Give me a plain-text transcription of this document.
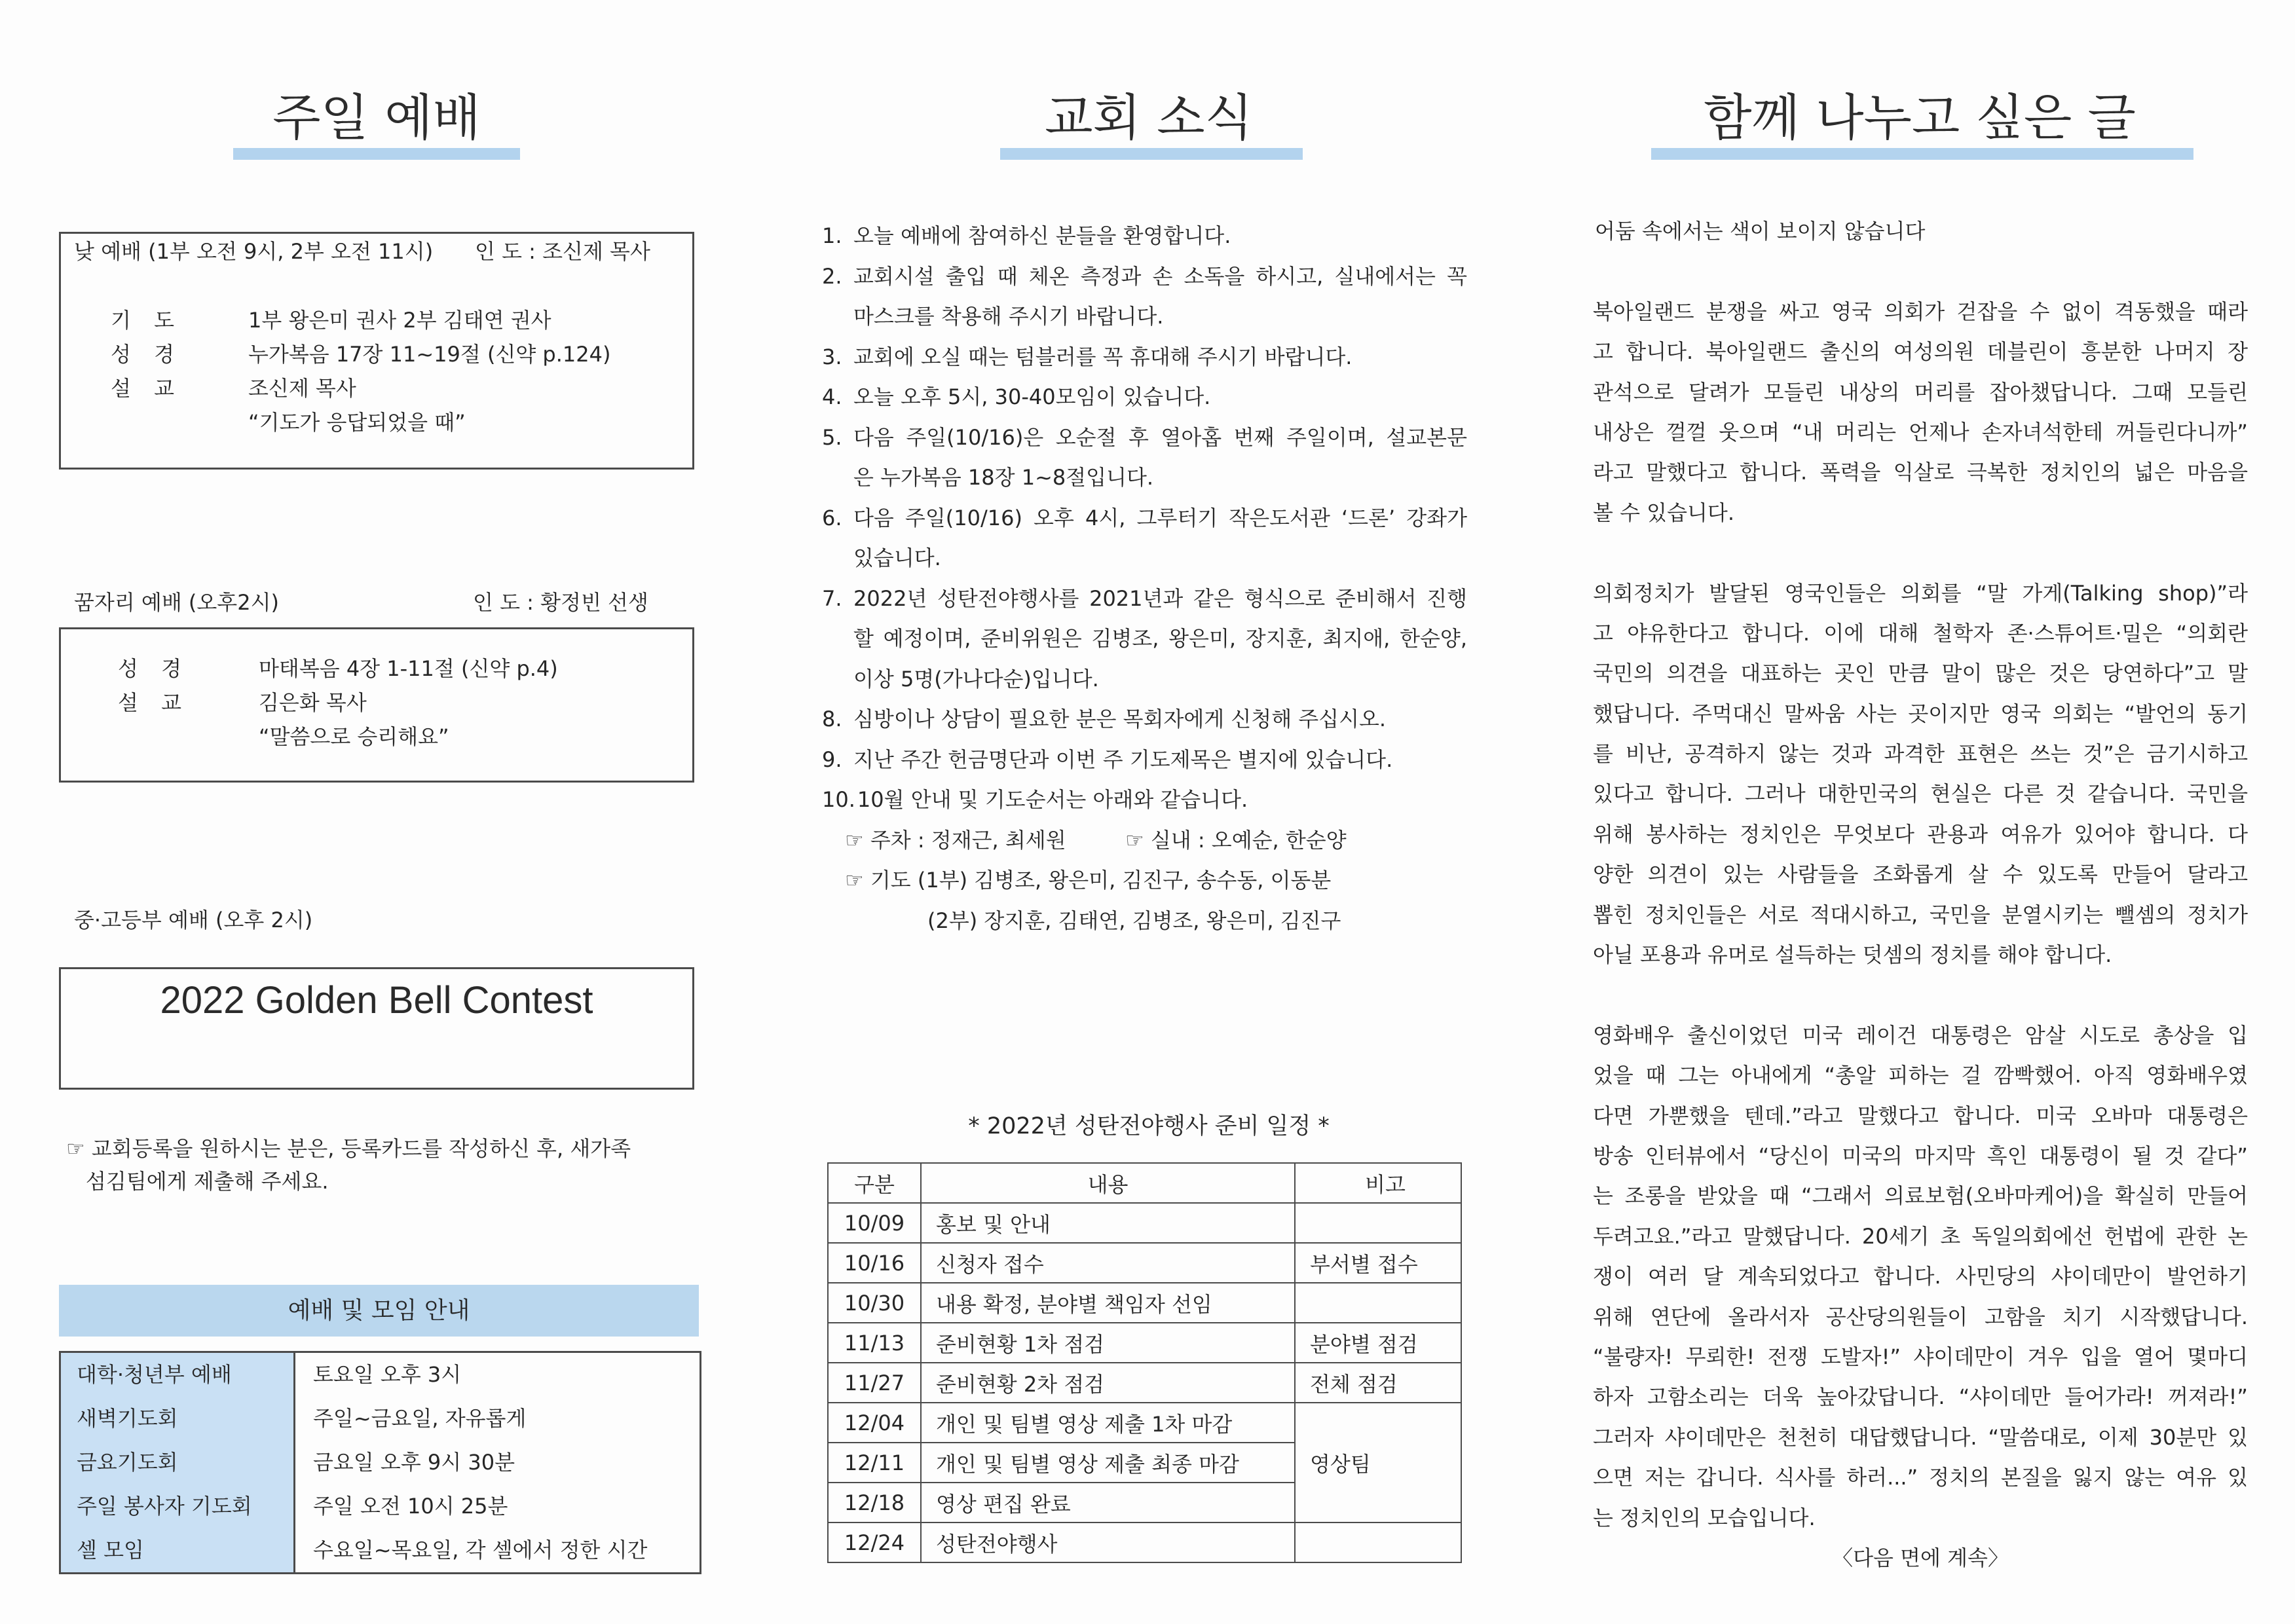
주일 예배
낮 예배 (1부 오전 9시, 2부 오전 11시) 인 도 : 조신제 목사
기 도	1부 왕은미 권사 2부 김태연 권사
성 경	누가복음 17장 11~19절 (신약 p.124)
설 교	조신제 목사
“기도가 응답되었을 때”
꿈자리 예배 (오후2시)	인 도 : 황정빈 선생
성 경	마태복음 4장 1-11절 (신약 p.4)
설 교	김은화 목사
“말씀으로 승리해요”
중·고등부 예배 (오후 2시)
2022 Golden Bell Contest
☞ 교회등록을 원하시는 분은, 등록카드를 작성하신 후, 새가족
섬김팀에게 제출해 주세요.
예배 및 모임 안내
대학·청년부 예배	토요일 오후 3시
새벽기도회	주일~금요일, 자유롭게
금요기도회	금요일 오후 9시 30분
주일 봉사자 기도회	주일 오전 10시 25분
셀 모임	수요일~목요일, 각 셀에서 정한 시간
교회 소식
1. 오늘 예배에 참여하신 분들을 환영합니다.
2. 교회시설 출입 때 체온 측정과 손 소독을 하시고, 실내에서는 꼭
마스크를 착용해 주시기 바랍니다.
3. 교회에 오실 때는 텀블러를 꼭 휴대해 주시기 바랍니다.
4. 오늘 오후 5시, 30-40모임이 있습니다.
5. 다음 주일(10/16)은 오순절 후 열아홉 번째 주일이며, 설교본문
은 누가복음 18장 1~8절입니다.
6. 다음 주일(10/16) 오후 4시, 그루터기 작은도서관 ‘드론’ 강좌가
있습니다.
7. 2022년 성탄전야행사를 2021년과 같은 형식으로 준비해서 진행
할 예정이며, 준비위원은 김병조, 왕은미, 장지훈, 최지애, 한순양,
이상 5명(가나다순)입니다.
8. 심방이나 상담이 필요한 분은 목회자에게 신청해 주십시오.
9. 지난 주간 헌금명단과 이번 주 기도제목은 별지에 있습니다.
10. 10월 안내 및 기도순서는 아래와 같습니다.
☞ 주차 : 정재근, 최세원	☞ 실내 : 오예순, 한순양
☞ 기도 (1부) 김병조, 왕은미, 김진구, 송수동, 이동분
(2부) 장지훈, 김태연, 김병조, 왕은미, 김진구
* 2022년 성탄전야행사 준비 일정 *
구분	내용	비고
10/09	홍보 및 안내	
10/16	신청자 접수	부서별 접수
10/30	내용 확정, 분야별 책임자 선임	
11/13	준비현황 1차 점검	분야별 점검
11/27	준비현황 2차 점검	전체 점검
12/04	개인 및 팀별 영상 제출 1차 마감	영상팀
12/11	개인 및 팀별 영상 제출 최종 마감	
12/18	영상 편집 완료	
12/24	성탄전야행사	
함께 나누고 싶은 글
어둠 속에서는 색이 보이지 않습니다
북아일랜드 분쟁을 싸고 영국 의회가 걷잡을 수 없이 격동했을 때라
고 합니다. 북아일랜드 출신의 여성의원 데블린이 흥분한 나머지 장
관석으로 달려가 모들린 내상의 머리를 잡아챘답니다. 그때 모들린
내상은 껄껄 웃으며 “내 머리는 언제나 손자녀석한테 꺼들린다니까”
라고 말했다고 합니다. 폭력을 익살로 극복한 정치인의 넓은 마음을
볼 수 있습니다.
의회정치가 발달된 영국인들은 의회를 “말 가게(Talking shop)”라
고 야유한다고 합니다. 이에 대해 철학자 존·스튜어트·밀은 “의회란
국민의 의견을 대표하는 곳인 만큼 말이 많은 것은 당연하다”고 말
했답니다. 주먹대신 말싸움 사는 곳이지만 영국 의회는 “발언의 동기
를 비난, 공격하지 않는 것과 과격한 표현은 쓰는 것”은 금기시하고
있다고 합니다. 그러나 대한민국의 현실은 다른 것 같습니다. 국민을
위해 봉사하는 정치인은 무엇보다 관용과 여유가 있어야 합니다. 다
양한 의견이 있는 사람들을 조화롭게 살 수 있도록 만들어 달라고
뽑힌 정치인들은 서로 적대시하고, 국민을 분열시키는 뺄셈의 정치가
아닐 포용과 유머로 설득하는 덧셈의 정치를 해야 합니다.
영화배우 출신이었던 미국 레이건 대통령은 암살 시도로 총상을 입
었을 때 그는 아내에게 “총알 피하는 걸 깜빡했어. 아직 영화배우였
다면 가뿐했을 텐데.”라고 말했다고 합니다. 미국 오바마 대통령은
방송 인터뷰에서 “당신이 미국의 마지막 흑인 대통령이 될 것 같다”
는 조롱을 받았을 때 “그래서 의료보험(오바마케어)을 확실히 만들어
두려고요.”라고 말했답니다. 20세기 초 독일의회에선 헌법에 관한 논
쟁이 여러 달 계속되었다고 합니다. 사민당의 샤이데만이 발언하기
위해 연단에 올라서자 공산당의원들이 고함을 치기 시작했답니다.
“불량자! 무뢰한! 전쟁 도발자!” 샤이데만이 겨우 입을 열어 몇마디
하자 고함소리는 더욱 높아갔답니다. “샤이데만 들어가라! 꺼져라!”
그러자 샤이데만은 천천히 대답했답니다. “말씀대로, 이제 30분만 있
으면 저는 갑니다. 식사를 하러...” 정치의 본질을 잃지 않는 여유 있
는 정치인의 모습입니다.
〈다음 면에 계속〉
